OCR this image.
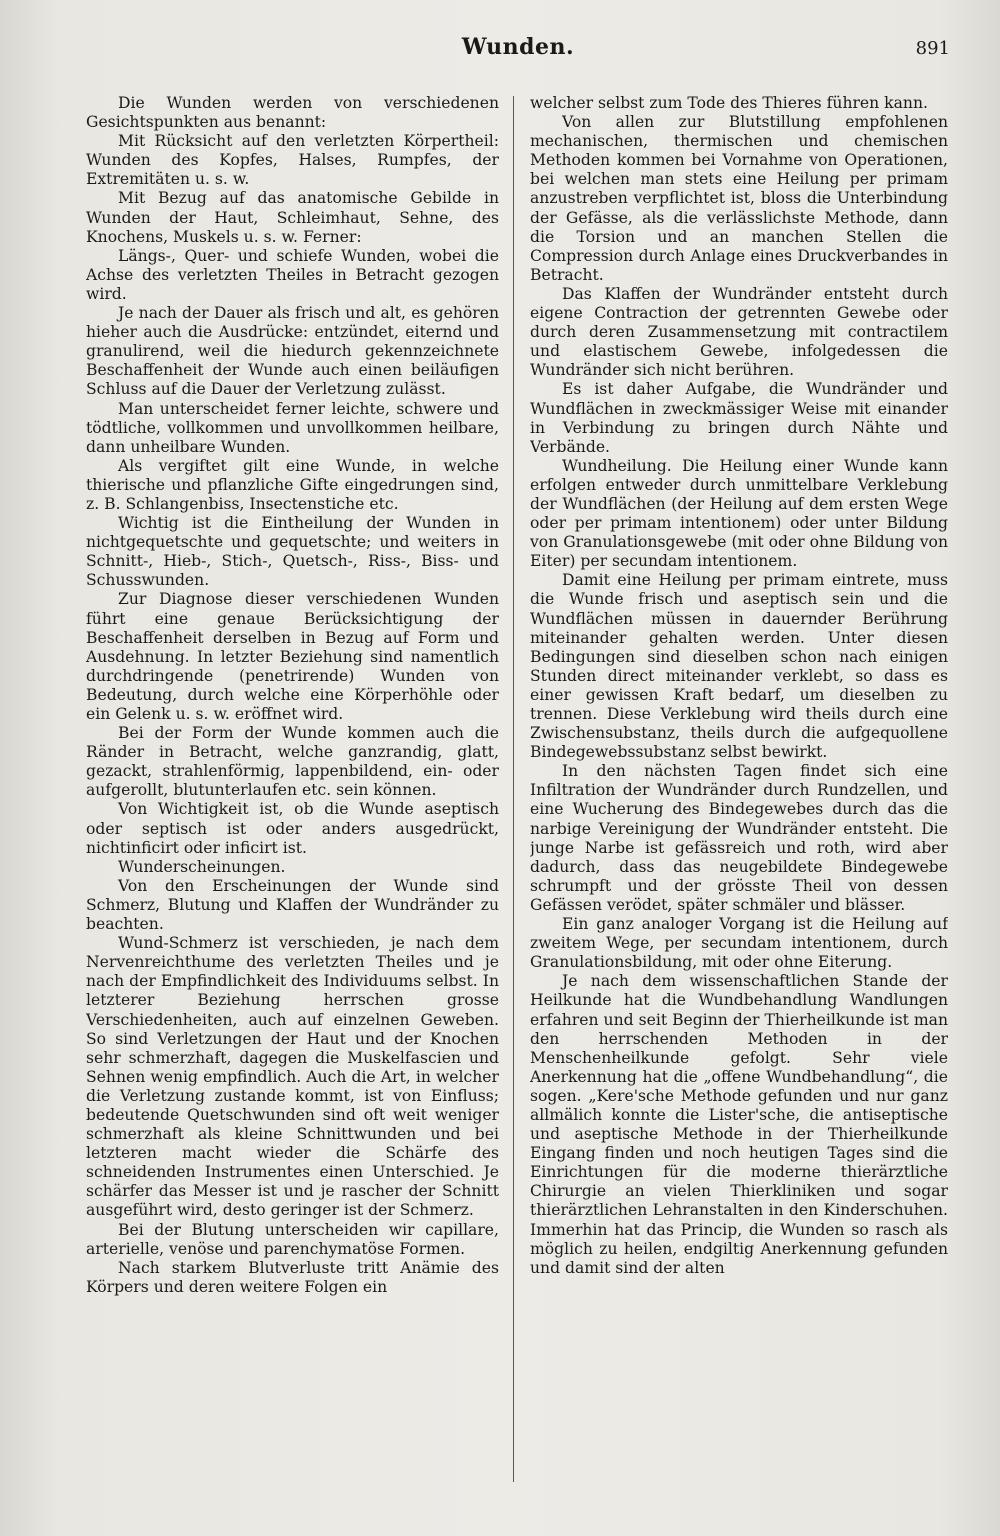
Wunden.	891

Die Wunden werden von verschiedenen Gesichtspunkten aus benannt:

Mit Rücksicht auf den verletzten Körpertheil: Wunden des Kopfes, Halses, Rumpfes, der Extremitäten u. s. w.

Mit Bezug auf das anatomische Gebilde in Wunden der Haut, Schleimhaut, Sehne, des Knochens, Muskels u. s. w. Ferner:

Längs-, Quer- und schiefe Wunden, wobei die Achse des verletzten Theiles in Betracht gezogen wird.

Je nach der Dauer als frisch und alt, es gehören hieher auch die Ausdrücke: entzündet, eiternd und granulirend, weil die hiedurch gekennzeichnete Beschaffenheit der Wunde auch einen beiläufigen Schluss auf die Dauer der Verletzung zulässt.

Man unterscheidet ferner leichte, schwere und tödtliche, vollkommen und unvollkommen heilbare, dann unheilbare Wunden.

Als vergiftet gilt eine Wunde, in welche thierische und pflanzliche Gifte eingedrungen sind, z. B. Schlangenbiss, Insectenstiche etc.

Wichtig ist die Eintheilung der Wunden in nichtgequetschte und gequetschte; und weiters in Schnitt-, Hieb-, Stich-, Quetsch-, Riss-, Biss- und Schusswunden.

Zur Diagnose dieser verschiedenen Wunden führt eine genaue Berücksichtigung der Beschaffenheit derselben in Bezug auf Form und Ausdehnung. In letzter Beziehung sind namentlich durchdringende (penetrirende) Wunden von Bedeutung, durch welche eine Körperhöhle oder ein Gelenk u. s. w. eröffnet wird.

Bei der Form der Wunde kommen auch die Ränder in Betracht, welche ganzrandig, glatt, gezackt, strahlenförmig, lappenbildend, ein- oder aufgerollt, blutunterlaufen etc. sein können.

Von Wichtigkeit ist, ob die Wunde aseptisch oder septisch ist oder anders ausgedrückt, nichtinficirt oder inficirt ist.

Wunderscheinungen.

Von den Erscheinungen der Wunde sind Schmerz, Blutung und Klaffen der Wundränder zu beachten.

Wund-Schmerz ist verschieden, je nach dem Nervenreichthume des verletzten Theiles und je nach der Empfindlichkeit des Individuums selbst. In letzterer Beziehung herrschen grosse Verschiedenheiten, auch auf einzelnen Geweben. So sind Verletzungen der Haut und der Knochen sehr schmerzhaft, dagegen die Muskelfascien und Sehnen wenig empfindlich. Auch die Art, in welcher die Verletzung zustande kommt, ist von Einfluss; bedeutende Quetschwunden sind oft weit weniger schmerzhaft als kleine Schnittwunden und bei letzteren macht wieder die Schärfe des schneidenden Instrumentes einen Unterschied. Je schärfer das Messer ist und je rascher der Schnitt ausgeführt wird, desto geringer ist der Schmerz.

Bei der Blutung unterscheiden wir capillare, arterielle, venöse und parenchymatöse Formen.

Nach starkem Blutverluste tritt Anämie des Körpers und deren weitere Folgen ein

welcher selbst zum Tode des Thieres führen kann.

Von allen zur Blutstillung empfohlenen mechanischen, thermischen und chemischen Methoden kommen bei Vornahme von Operationen, bei welchen man stets eine Heilung per primam anzustreben verpflichtet ist, bloss die Unterbindung der Gefässe, als die verlässlichste Methode, dann die Torsion und an manchen Stellen die Compression durch Anlage eines Druckverbandes in Betracht.

Das Klaffen der Wundränder entsteht durch eigene Contraction der getrennten Gewebe oder durch deren Zusammensetzung mit contractilem und elastischem Gewebe, infolgedessen die Wundränder sich nicht berühren.

Es ist daher Aufgabe, die Wundränder und Wundflächen in zweckmässiger Weise mit einander in Verbindung zu bringen durch Nähte und Verbände.

Wundheilung. Die Heilung einer Wunde kann erfolgen entweder durch unmittelbare Verklebung der Wundflächen (der Heilung auf dem ersten Wege oder per primam intentionem) oder unter Bildung von Granulationsgewebe (mit oder ohne Bildung von Eiter) per secundam intentionem.

Damit eine Heilung per primam eintrete, muss die Wunde frisch und aseptisch sein und die Wundflächen müssen in dauernder Berührung miteinander gehalten werden. Unter diesen Bedingungen sind dieselben schon nach einigen Stunden direct miteinander verklebt, so dass es einer gewissen Kraft bedarf, um dieselben zu trennen. Diese Verklebung wird theils durch eine Zwischensubstanz, theils durch die aufgequollene Bindegewebssubstanz selbst bewirkt.

In den nächsten Tagen findet sich eine Infiltration der Wundränder durch Rundzellen, und eine Wucherung des Bindegewebes durch das die narbige Vereinigung der Wundränder entsteht. Die junge Narbe ist gefässreich und roth, wird aber dadurch, dass das neugebildete Bindegewebe schrumpft und der grösste Theil von dessen Gefässen verödet, später schmäler und blässer.

Ein ganz analoger Vorgang ist die Heilung auf zweitem Wege, per secundam intentionem, durch Granulationsbildung, mit oder ohne Eiterung.

Je nach dem wissenschaftlichen Stande der Heilkunde hat die Wundbehandlung Wandlungen erfahren und seit Beginn der Thierheilkunde ist man den herrschenden Methoden in der Menschenheilkunde gefolgt. Sehr viele Anerkennung hat die „offene Wundbehandlung“, die sogen. „Kere'sche Methode gefunden und nur ganz allmälich konnte die Lister'sche, die antiseptische und aseptische Methode in der Thierheilkunde Eingang finden und noch heutigen Tages sind die Einrichtungen für die moderne thierärztliche Chirurgie an vielen Thierkliniken und sogar thierärztlichen Lehranstalten in den Kinderschuhen. Immerhin hat das Princip, die Wunden so rasch als möglich zu heilen, endgiltig Anerkennung gefunden und damit sind der alten
